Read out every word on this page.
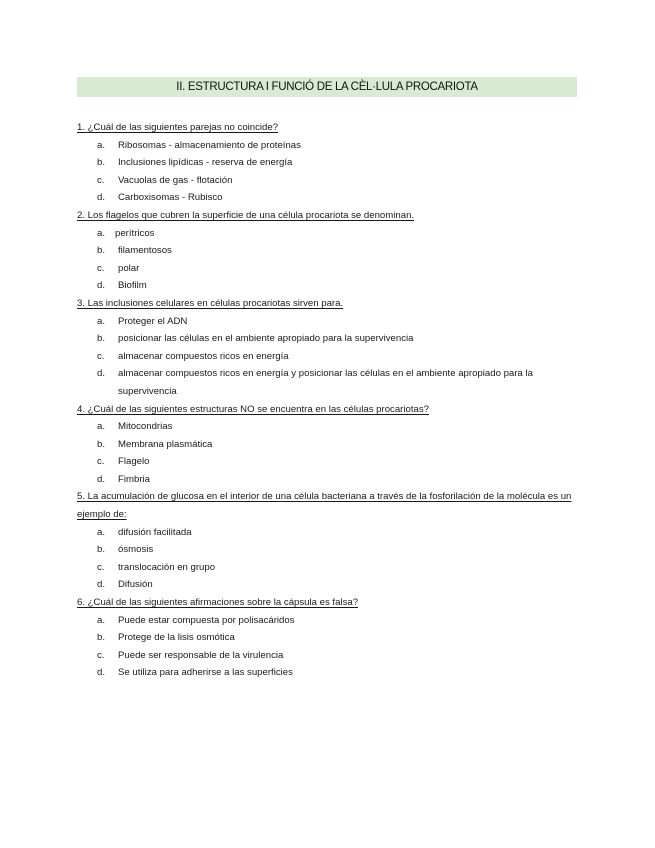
II. ESTRUCTURA I FUNCIÓ DE LA CÈL·LULA PROCARIOTA
1. ¿Cuál de las siguientes parejas no coincide?
a. Ribosomas - almacenamiento de proteínas
b. Inclusiones lipídicas - reserva de energía
c. Vacuolas de gas - flotación
d. Carboxisomas - Rubisco
2. Los flagelos que cubren la superficie de una célula procariota se denominan.
a. perítricos
b. filamentosos
c. polar
d. Biofilm
3. Las inclusiones celulares en células procariotas sirven para.
a. Proteger el ADN
b. posicionar las células en el ambiente apropiado para la supervivencia
c. almacenar compuestos ricos en energía
d. almacenar compuestos ricos en energía y posicionar las células en el ambiente apropiado para la supervivencia
4. ¿Cuál de las siguientes estructuras NO se encuentra en las células procariotas?
a. Mitocondrias
b. Membrana plasmática
c. Flagelo
d. Fimbria
5. La acumulación de glucosa en el interior de una célula bacteriana a través de la fosforilación de la molécula es un ejemplo de:
a. difusión facilitada
b. ósmosis
c. translocación en grupo
d. Difusión
6. ¿Cuál de las siguientes afirmaciones sobre la cápsula es falsa?
a. Puede estar compuesta por polisacáridos
b. Protege de la lisis osmótica
c. Puede ser responsable de la virulencia
d. Se utiliza para adherirse a las superficies
